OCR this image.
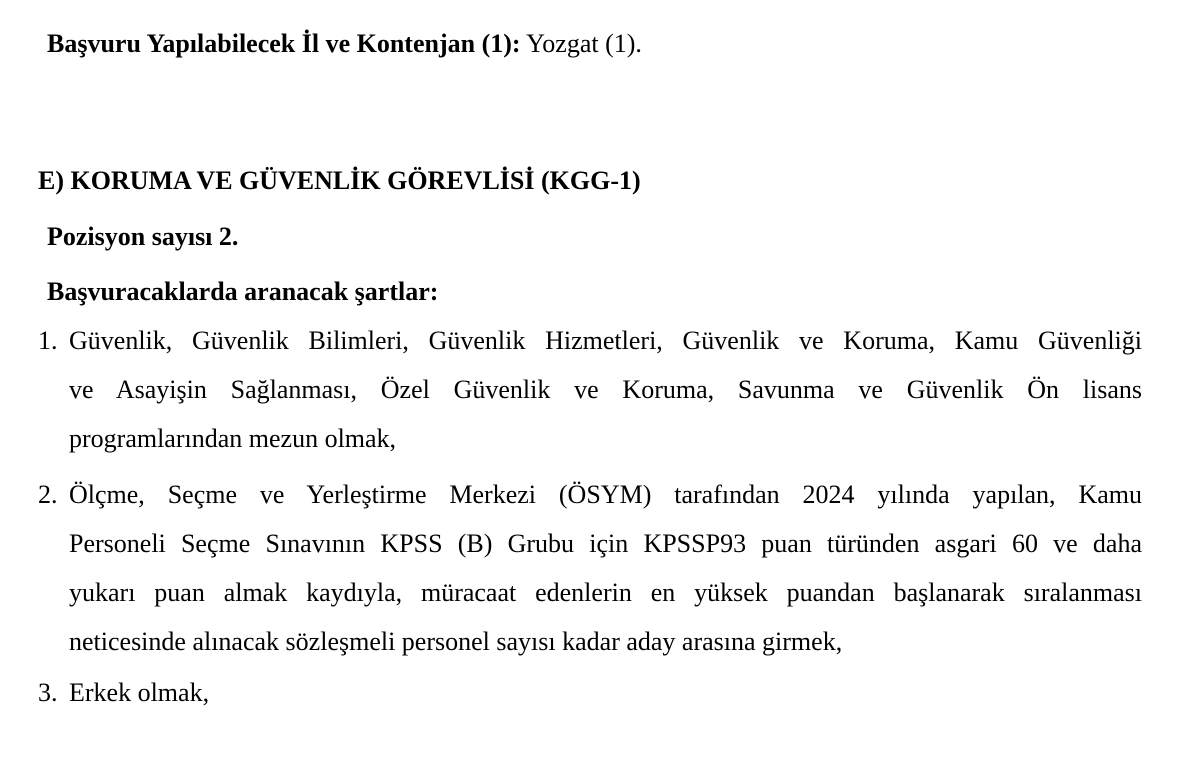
Başvuru Yapılabilecek İl ve Kontenjan (1): Yozgat (1).
E) KORUMA VE GÜVENLİK GÖREVLİSİ (KGG-1)
Pozisyon sayısı 2.
Başvuracaklarda aranacak şartlar:
1. Güvenlik, Güvenlik Bilimleri, Güvenlik Hizmetleri, Güvenlik ve Koruma, Kamu Güvenliği
ve Asayişin Sağlanması, Özel Güvenlik ve Koruma, Savunma ve Güvenlik Ön lisans
programlarından mezun olmak,
2. Ölçme, Seçme ve Yerleştirme Merkezi (ÖSYM) tarafından 2024 yılında yapılan, Kamu
Personeli Seçme Sınavının KPSS (B) Grubu için KPSSP93 puan türünden asgari 60 ve daha
yukarı puan almak kaydıyla, müracaat edenlerin en yüksek puandan başlanarak sıralanması
neticesinde alınacak sözleşmeli personel sayısı kadar aday arasına girmek,
3. Erkek olmak,
